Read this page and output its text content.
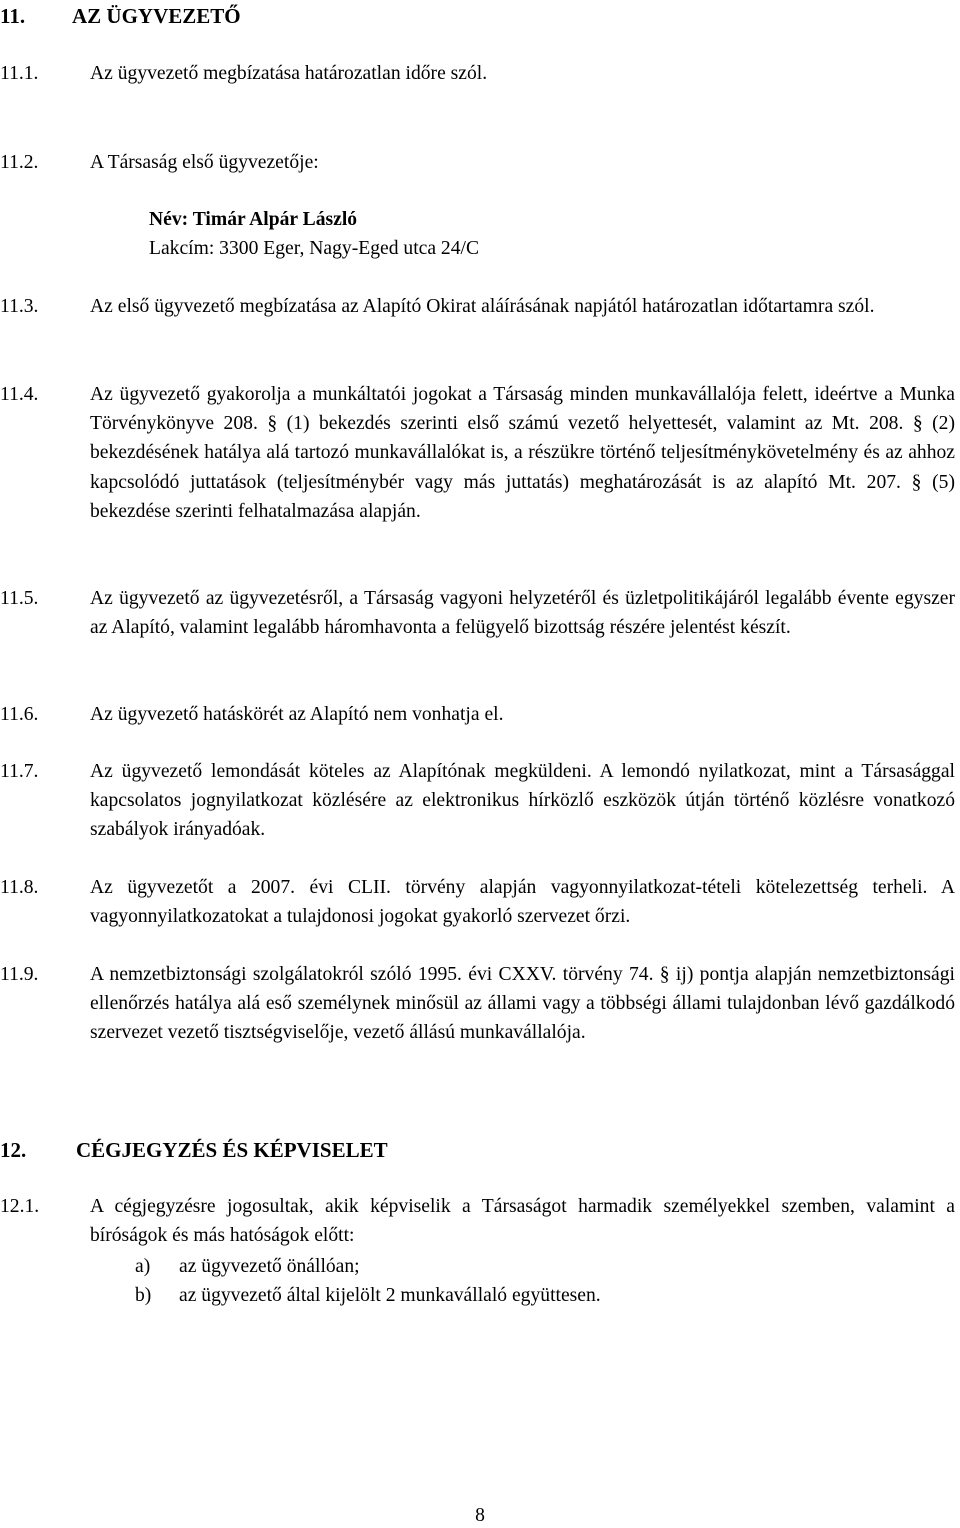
11. AZ ÜGYVEZETŐ
11.1.	Az ügyvezető megbízatása határozatlan időre szól.
11.2.	A Társaság első ügyvezetője:
Név: Timár Alpár László
Lakcím: 3300 Eger, Nagy-Eged utca 24/C
11.3.	Az első ügyvezető megbízatása az Alapító Okirat aláírásának napjától határozatlan időtartamra szól.
11.4.	Az ügyvezető gyakorolja a munkáltatói jogokat a Társaság minden munkavállalója felett, ideértve a Munka Törvénykönyve 208. § (1) bekezdés szerinti első számú vezető helyettesét, valamint az Mt. 208. § (2) bekezdésének hatálya alá tartozó munkavállalókat is, a részükre történő teljesítménykövetelmény és az ahhoz kapcsolódó juttatások (teljesítménybér vagy más juttatás) meghatározását is az alapító Mt. 207. § (5) bekezdése szerinti felhatalmazása alapján.
11.5.	Az ügyvezető az ügyvezetésről, a Társaság vagyoni helyzetéről és üzletpolitikájáról legalább évente egyszer az Alapító, valamint legalább háromhavonta a felügyelő bizottság részére jelentést készít.
11.6.	Az ügyvezető hatáskörét az Alapító nem vonhatja el.
11.7.	Az ügyvezető lemondását köteles az Alapítónak megküldeni. A lemondó nyilatkozat, mint a Társasággal kapcsolatos jognyilatkozat közlésére az elektronikus hírközlő eszközök útján történő közlésre vonatkozó szabályok irányadóak.
11.8.	Az ügyvezetőt a 2007. évi CLII. törvény alapján vagyonnyilatkozat-tételi kötelezettség terheli. A vagyonnyilatkozatokat a tulajdonosi jogokat gyakorló szervezet őrzi.
11.9.	A nemzetbiztonsági szolgálatokról szóló 1995. évi CXXV. törvény 74. § ij) pontja alapján nemzetbiztonsági ellenőrzés hatálya alá eső személynek minősül az állami vagy a többségi állami tulajdonban lévő gazdálkodó szervezet vezető tisztségviselője, vezető állású munkavállalója.
12. CÉGJEGYZÉS ÉS KÉPVISELET
12.1.	A cégjegyzésre jogosultak, akik képviselik a Társaságot harmadik személyekkel szemben, valamint a bíróságok és más hatóságok előtt:
a) az ügyvezető önállóan;
b) az ügyvezető által kijelölt 2 munkavállaló együttesen.
8
